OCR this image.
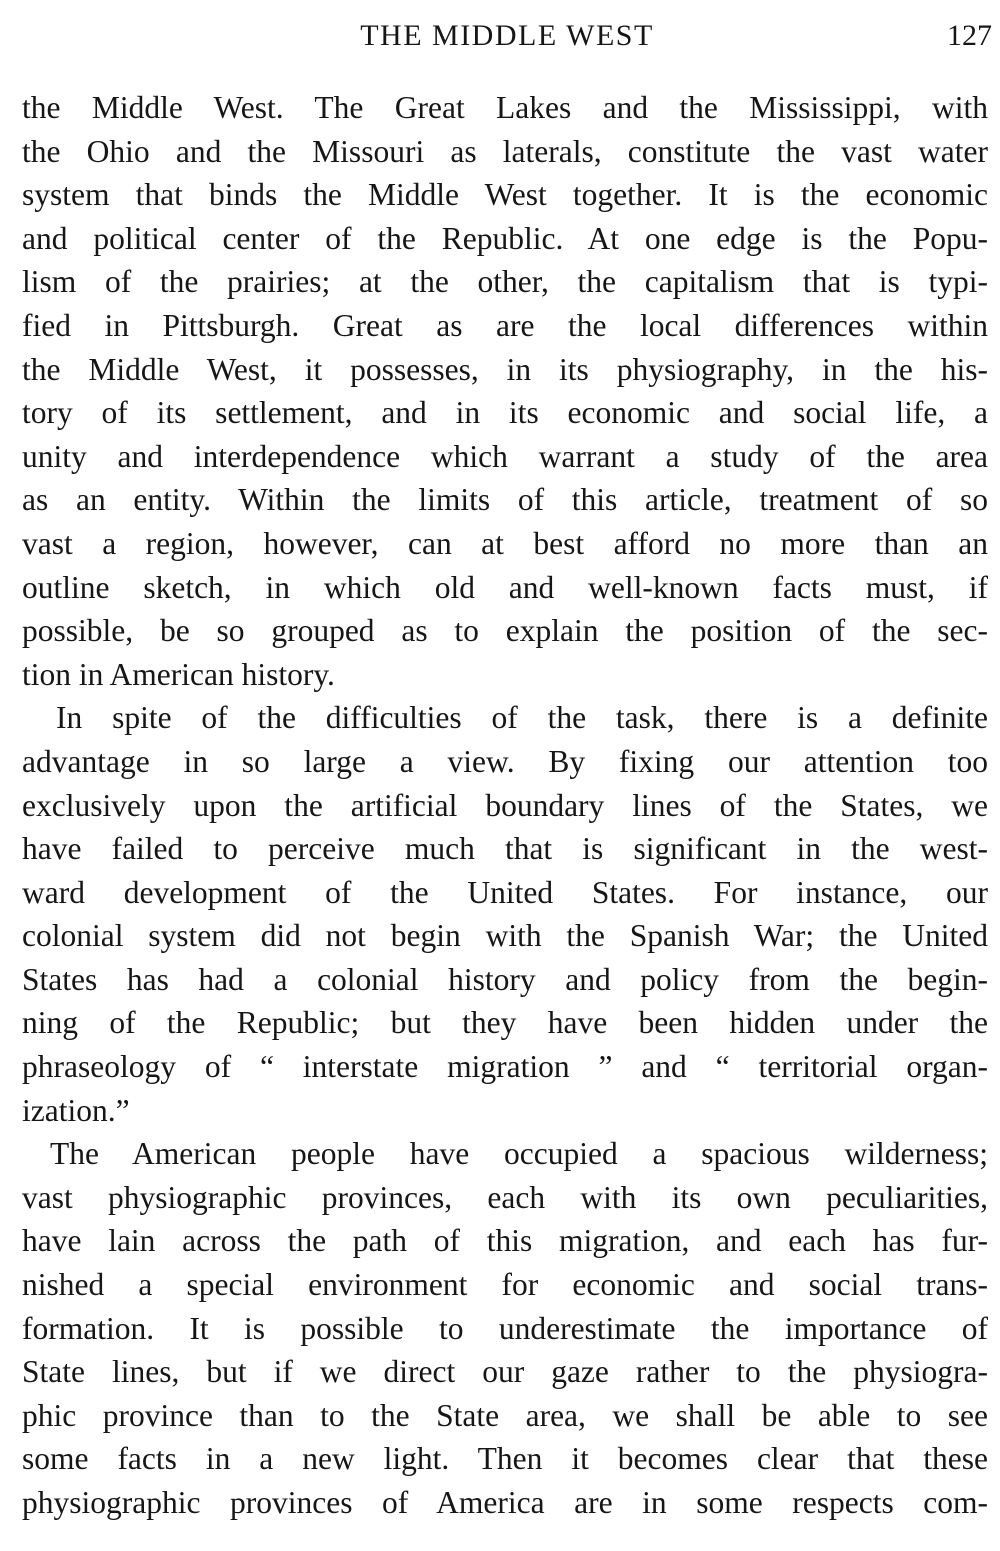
THE MIDDLE WEST	127
the Middle West. The Great Lakes and the Mississippi, with
the Ohio and the Missouri as laterals, constitute the vast water
system that binds the Middle West together. It is the economic
and political center of the Republic. At one edge is the Popu-
lism of the prairies; at the other, the capitalism that is typi-
fied in Pittsburgh. Great as are the local differences within
the Middle West, it possesses, in its physiography, in the his-
tory of its settlement, and in its economic and social life, a
unity and interdependence which warrant a study of the area
as an entity. Within the limits of this article, treatment of so
vast a region, however, can at best afford no more than an
outline sketch, in which old and well-known facts must, if
possible, be so grouped as to explain the position of the sec-
tion in American history.
In spite of the difficulties of the task, there is a definite
advantage in so large a view. By fixing our attention too
exclusively upon the artificial boundary lines of the States, we
have failed to perceive much that is significant in the west-
ward development of the United States. For instance, our
colonial system did not begin with the Spanish War; the United
States has had a colonial history and policy from the begin-
ning of the Republic; but they have been hidden under the
phraseology of “ interstate migration ” and “ territorial organ-
ization.”
The American people have occupied a spacious wilderness;
vast physiographic provinces, each with its own peculiarities,
have lain across the path of this migration, and each has fur-
nished a special environment for economic and social trans-
formation. It is possible to underestimate the importance of
State lines, but if we direct our gaze rather to the physiogra-
phic province than to the State area, we shall be able to see
some facts in a new light. Then it becomes clear that these
physiographic provinces of America are in some respects com-
